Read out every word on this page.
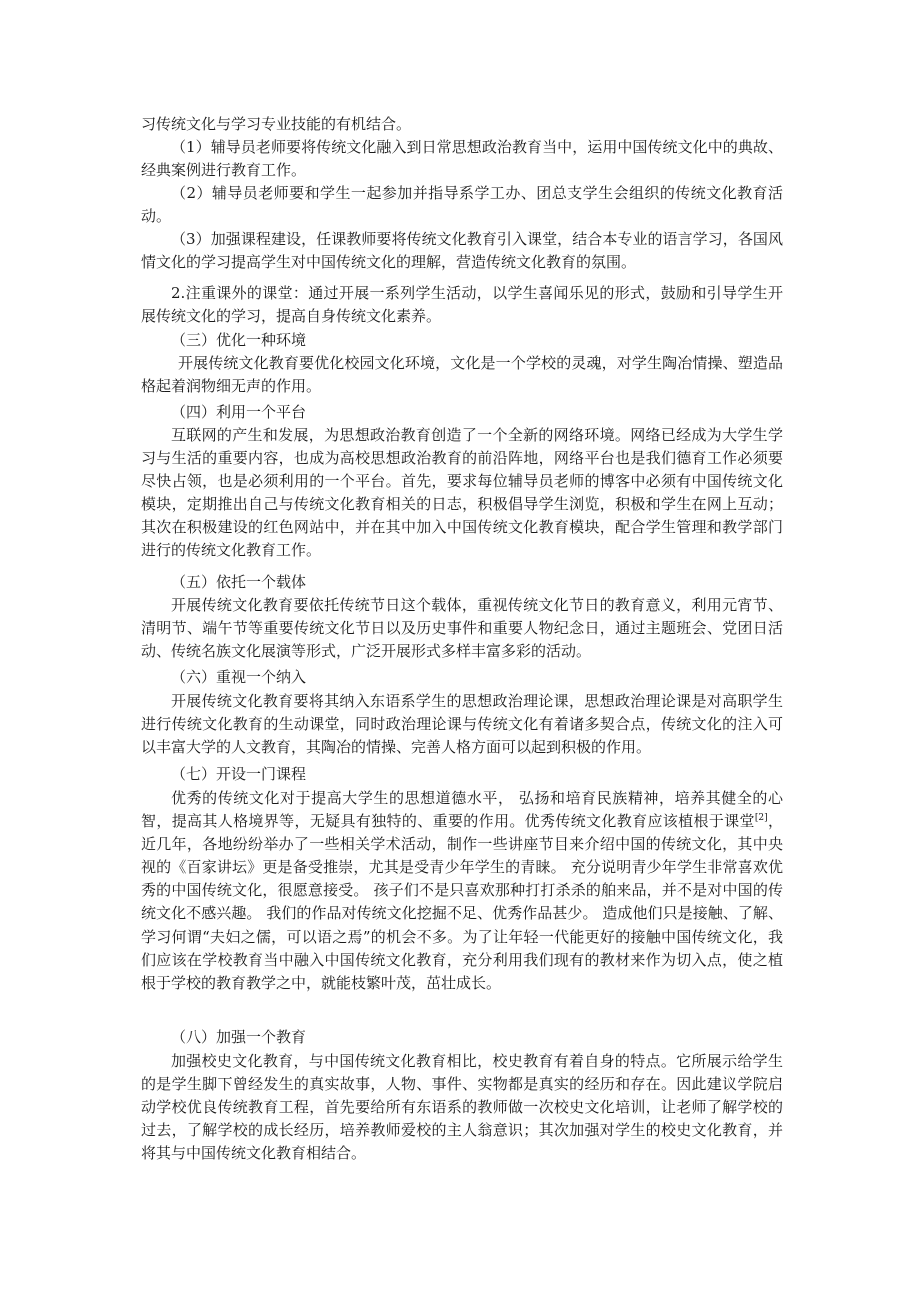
习传统文化与学习专业技能的有机结合。

（1）辅导员老师要将传统文化融入到日常思想政治教育当中，运用中国传统文化中的典故、经典案例进行教育工作。

（2）辅导员老师要和学生一起参加并指导系学工办、团总支学生会组织的传统文化教育活动。

（3）加强课程建设，任课教师要将传统文化教育引入课堂，结合本专业的语言学习，各国风情文化的学习提高学生对中国传统文化的理解，营造传统文化教育的氛围。

2.注重课外的课堂：通过开展一系列学生活动，以学生喜闻乐见的形式，鼓励和引导学生开展传统文化的学习，提高自身传统文化素养。

（三）优化一种环境

开展传统文化教育要优化校园文化环境，文化是一个学校的灵魂，对学生陶冶情操、塑造品格起着润物细无声的作用。

（四）利用一个平台

互联网的产生和发展，为思想政治教育创造了一个全新的网络环境。网络已经成为大学生学习与生活的重要内容，也成为高校思想政治教育的前沿阵地，网络平台也是我们德育工作必须要尽快占领，也是必须利用的一个平台。首先，要求每位辅导员老师的博客中必须有中国传统文化模块，定期推出自己与传统文化教育相关的日志，积极倡导学生浏览，积极和学生在网上互动；其次在积极建设的红色网站中，并在其中加入中国传统文化教育模块，配合学生管理和教学部门进行的传统文化教育工作。

（五）依托一个载体

开展传统文化教育要依托传统节日这个载体，重视传统文化节日的教育意义，利用元宵节、清明节、端午节等重要传统文化节日以及历史事件和重要人物纪念日，通过主题班会、党团日活动、传统名族文化展演等形式，广泛开展形式多样丰富多彩的活动。

（六）重视一个纳入

开展传统文化教育要将其纳入东语系学生的思想政治理论课，思想政治理论课是对高职学生进行传统文化教育的生动课堂，同时政治理论课与传统文化有着诸多契合点，传统文化的注入可以丰富大学的人文教育，其陶冶的情操、完善人格方面可以起到积极的作用。

（七）开设一门课程

优秀的传统文化对于提高大学生的思想道德水平， 弘扬和培育民族精神，培养其健全的心智，提高其人格境界等，无疑具有独特的、重要的作用。优秀传统文化教育应该植根于课堂[2]，近几年，各地纷纷举办了一些相关学术活动，制作一些讲座节目来介绍中国的传统文化，其中央视的《百家讲坛》更是备受推崇，尤其是受青少年学生的青睐。 充分说明青少年学生非常喜欢优秀的中国传统文化，很愿意接受。 孩子们不是只喜欢那种打打杀杀的舶来品，并不是对中国的传统文化不感兴趣。 我们的作品对传统文化挖掘不足、优秀作品甚少。 造成他们只是接触、了解、学习何谓“夫妇之儒，可以语之焉”的机会不多。为了让年轻一代能更好的接触中国传统文化，我们应该在学校教育当中融入中国传统文化教育，充分利用我们现有的教材来作为切入点，使之植根于学校的教育教学之中，就能枝繁叶茂，茁壮成长。

（八）加强一个教育

加强校史文化教育，与中国传统文化教育相比，校史教育有着自身的特点。它所展示给学生的是学生脚下曾经发生的真实故事，人物、事件、实物都是真实的经历和存在。因此建议学院启动学校优良传统教育工程，首先要给所有东语系的教师做一次校史文化培训，让老师了解学校的过去，了解学校的成长经历，培养教师爱校的主人翁意识；其次加强对学生的校史文化教育，并将其与中国传统文化教育相结合。
